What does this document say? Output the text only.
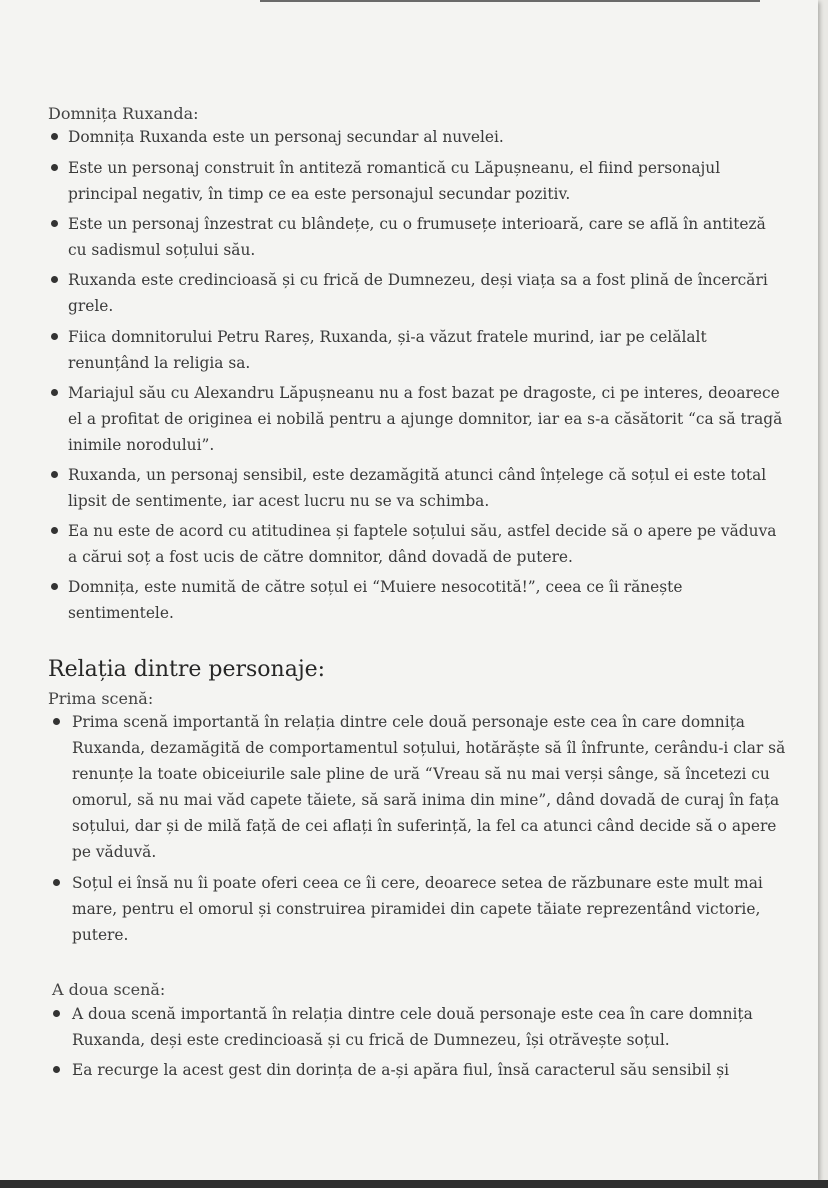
Domnița Ruxanda:
Domnița Ruxanda este un personaj secundar al nuvelei.
Este un personaj construit în antiteză romantică cu Lăpușneanu, el fiind personajul principal negativ, în timp ce ea este personajul secundar pozitiv.
Este un personaj înzestrat cu blândețe, cu o frumusețe interioară, care se află în antiteză cu sadismul soțului său.
Ruxanda este credincioasă și cu frică de Dumnezeu, deși viața sa a fost plină de încercări grele.
Fiica domnitorului Petru Rareș, Ruxanda, și-a văzut fratele murind, iar pe celălalt renunțând la religia sa.
Mariajul său cu Alexandru Lăpușneanu nu a fost bazat pe dragoste, ci pe interes, deoarece el a profitat de originea ei nobilă pentru a ajunge domnitor, iar ea s-a căsătorit “ca să tragă inimile norodului”.
Ruxanda, un personaj sensibil, este dezamăgită atunci când înțelege că soțul ei este total lipsit de sentimente, iar acest lucru nu se va schimba.
Ea nu este de acord cu atitudinea și faptele soțului său, astfel decide să o apere pe văduva a cărui soț a fost ucis de către domnitor, dând dovadă de putere.
Domnița, este numită de către soțul ei “Muiere nesocotită!”, ceea ce îi rănește sentimentele.
Relația dintre personaje:
Prima scenă:
Prima scenă importantă în relația dintre cele două personaje este cea în care domnița Ruxanda, dezamăgită de comportamentul soțului, hotărăște să îl înfrunte, cerându-i clar să renunțe la toate obiceiurile sale pline de ură “Vreau să nu mai verși sânge, să încetezi cu omorul, să nu mai văd capete tăiete, să sară inima din mine”, dând dovadă de curaj în fața soțului, dar și de milă față de cei aflați în suferință, la fel ca atunci când decide să o apere pe văduvă.
Soțul ei însă nu îi poate oferi ceea ce îi cere, deoarece setea de răzbunare este mult mai mare, pentru el omorul și construirea piramidei din capete tăiate reprezentând victorie, putere.
A doua scenă:
A doua scenă importantă în relația dintre cele două personaje este cea în care domnița Ruxanda, deși este credincioasă și cu frică de Dumnezeu, își otrăvește soțul.
Ea recurge la acest gest din dorința de a-și apăra fiul, însă caracterul său sensibil și
